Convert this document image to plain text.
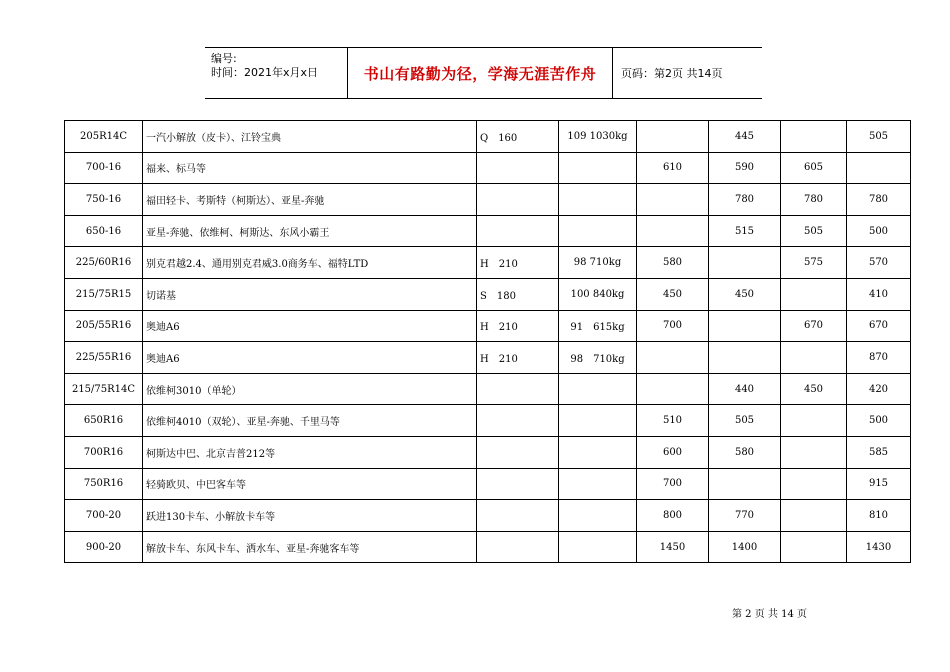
编号:
时间：2021年x月x日	书山有路勤为径，学海无涯苦作舟	页码：第2页 共14页
205R14C	一汽小解放（皮卡）、江铃宝典	Q　160	109 1030kg		445		505
700-16	福来、标马等			610	590	605	
750-16	福田轻卡、考斯特（柯斯达）、亚星-奔驰				780	780	780
650-16	亚星-奔驰、依维柯、柯斯达、东风小霸王				515	505	500
225/60R16	别克君越2.4、通用别克君威3.0商务车、福特LTD	H　210	98 710kg	580		575	570
215/75R15	切诺基	S　180	100 840kg	450	450		410
205/55R16	奥迪A6	H　210	91　615kg	700		670	670
225/55R16	奥迪A6	H　210	98　710kg				870
215/75R14C	依维柯3010（单轮）				440	450	420
650R16	依维柯4010（双轮）、亚星-奔驰、千里马等			510	505		500
700R16	柯斯达中巴、北京吉普212等			600	580		585
750R16	轻骑欧贝、中巴客车等			700			915
700-20	跃进130卡车、小解放卡车等			800	770		810
900-20	解放卡车、东风卡车、洒水车、亚星-奔驰客车等			1450	1400		1430
第 2 页 共 14 页
